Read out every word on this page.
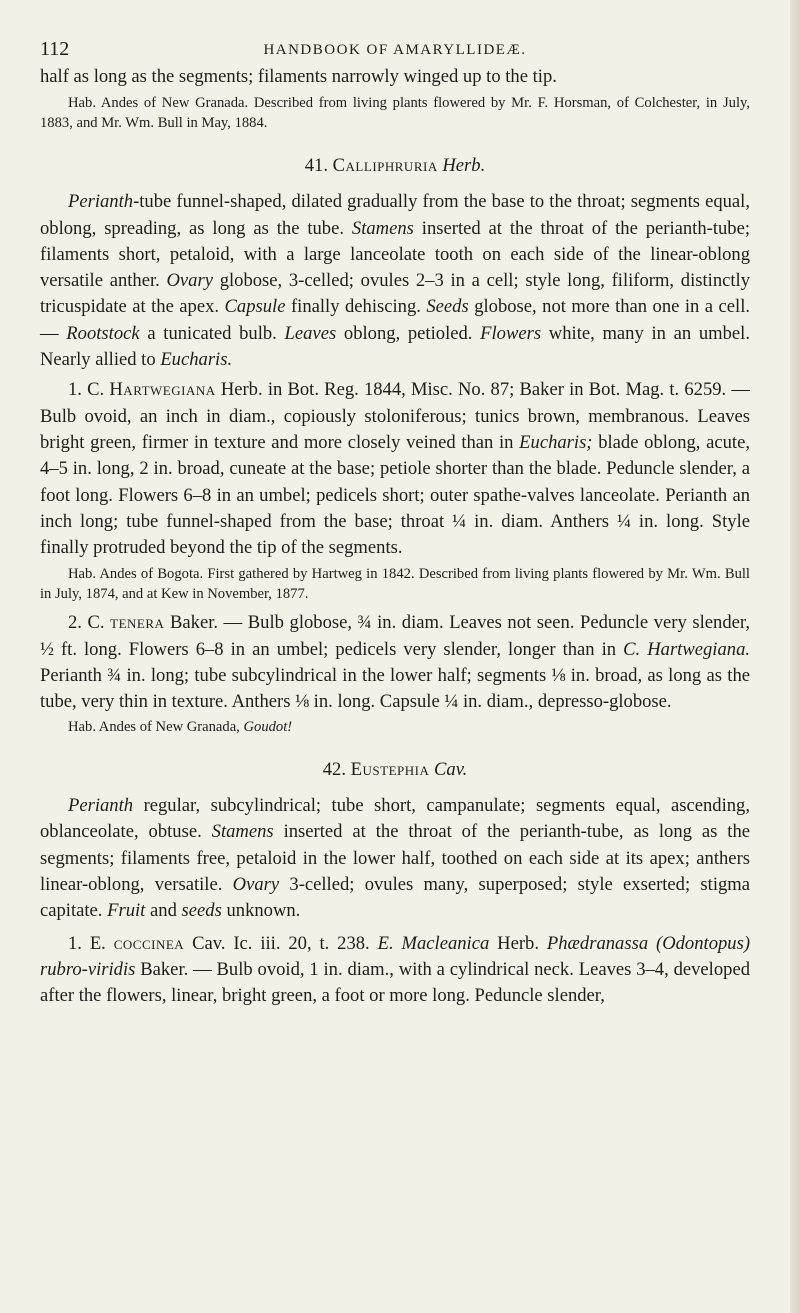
112	HANDBOOK OF AMARYLLIDEÆ.

half as long as the segments; filaments narrowly winged up to the tip.

Hab. Andes of New Granada. Described from living plants flowered by Mr. F. Horsman, of Colchester, in July, 1883, and Mr. Wm. Bull in May, 1884.

41. Calliphruria Herb.

Perianth-tube funnel-shaped, dilated gradually from the base to the throat; segments equal, oblong, spreading, as long as the tube. Stamens inserted at the throat of the perianth-tube; filaments short, petaloid, with a large lanceolate tooth on each side of the linear-oblong versatile anther. Ovary globose, 3-celled; ovules 2–3 in a cell; style long, filiform, distinctly tricuspidate at the apex. Capsule finally dehiscing. Seeds globose, not more than one in a cell. — Rootstock a tunicated bulb. Leaves oblong, petioled. Flowers white, many in an umbel. Nearly allied to Eucharis.

1. C. Hartwegiana Herb. in Bot. Reg. 1844, Misc. No. 87; Baker in Bot. Mag. t. 6259. — Bulb ovoid, an inch in diam., copiously stoloniferous; tunics brown, membranous. Leaves bright green, firmer in texture and more closely veined than in Eucharis; blade oblong, acute, 4–5 in. long, 2 in. broad, cuneate at the base; petiole shorter than the blade. Peduncle slender, a foot long. Flowers 6–8 in an umbel; pedicels short; outer spathe-valves lanceolate. Perianth an inch long; tube funnel-shaped from the base; throat ¼ in. diam. Anthers ¼ in. long. Style finally protruded beyond the tip of the segments.

Hab. Andes of Bogota. First gathered by Hartweg in 1842. Described from living plants flowered by Mr. Wm. Bull in July, 1874, and at Kew in November, 1877.

2. C. tenera Baker. — Bulb globose, ¾ in. diam. Leaves not seen. Peduncle very slender, ½ ft. long. Flowers 6–8 in an umbel; pedicels very slender, longer than in C. Hartwegiana. Perianth ¾ in. long; tube subcylindrical in the lower half; segments ⅛ in. broad, as long as the tube, very thin in texture. Anthers ⅛ in. long. Capsule ¼ in. diam., depresso-globose.

Hab. Andes of New Granada, Goudot!

42. Eustephia Cav.

Perianth regular, subcylindrical; tube short, campanulate; segments equal, ascending, oblanceolate, obtuse. Stamens inserted at the throat of the perianth-tube, as long as the segments; filaments free, petaloid in the lower half, toothed on each side at its apex; anthers linear-oblong, versatile. Ovary 3-celled; ovules many, superposed; style exserted; stigma capitate. Fruit and seeds unknown.

1. E. coccinea Cav. Ic. iii. 20, t. 238. E. Macleanica Herb. Phædranassa (Odontopus) rubro-viridis Baker. — Bulb ovoid, 1 in. diam., with a cylindrical neck. Leaves 3–4, developed after the flowers, linear, bright green, a foot or more long. Peduncle slender,
